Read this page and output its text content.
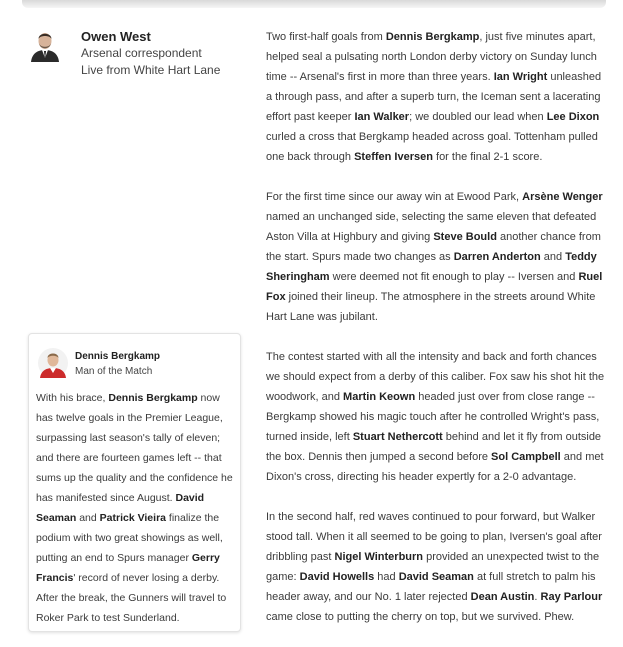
Owen West
Arsenal correspondent
Live from White Hart Lane

Two first-half goals from Dennis Bergkamp, just five minutes apart, helped seal a pulsating north London derby victory on Sunday lunch time -- Arsenal's first in more than three years. Ian Wright unleashed a through pass, and after a superb turn, the Iceman sent a lacerating effort past keeper Ian Walker; we doubled our lead when Lee Dixon curled a cross that Bergkamp headed across goal. Tottenham pulled one back through Steffen Iversen for the final 2-1 score.

For the first time since our away win at Ewood Park, Arsène Wenger named an unchanged side, selecting the same eleven that defeated Aston Villa at Highbury and giving Steve Bould another chance from the start. Spurs made two changes as Darren Anderton and Teddy Sheringham were deemed not fit enough to play -- Iversen and Ruel Fox joined their lineup. The atmosphere in the streets around White Hart Lane was jubilant.

The contest started with all the intensity and back and forth chances we should expect from a derby of this caliber. Fox saw his shot hit the woodwork, and Martin Keown headed just over from close range -- Bergkamp showed his magic touch after he controlled Wright's pass, turned inside, left Stuart Nethercott behind and let it fly from outside the box. Dennis then jumped a second before Sol Campbell and met Dixon's cross, directing his header expertly for a 2-0 advantage.

In the second half, red waves continued to pour forward, but Walker stood tall. When it all seemed to be going to plan, Iversen's goal after dribbling past Nigel Winterburn provided an unexpected twist to the game: David Howells had David Seaman at full stretch to palm his header away, and our No. 1 later rejected Dean Austin. Ray Parlour came close to putting the cherry on top, but we survived. Phew.

Dennis Bergkamp
Man of the Match
With his brace, Dennis Bergkamp now has twelve goals in the Premier League, surpassing last season's tally of eleven; and there are fourteen games left -- that sums up the quality and the confidence he has manifested since August. David Seaman and Patrick Vieira finalize the podium with two great showings as well, putting an end to Spurs manager Gerry Francis' record of never losing a derby. After the break, the Gunners will travel to Roker Park to test Sunderland.
